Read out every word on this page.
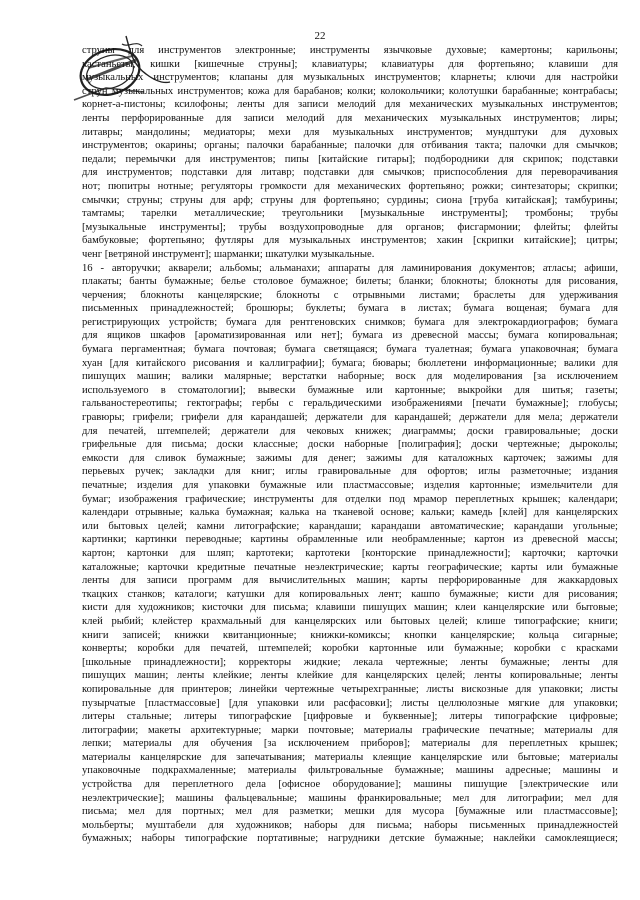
22

струны для инструментов электронные; инструменты язычковые духовые; камертоны; карильоны;

кастаньеты; кишки [кишечные струны]; клавиатуры; клавиатуры для фортепьяно; клавиши для

музыкальных инструментов; клапаны для музыкальных инструментов; кларнеты; ключи для настройки

струн музыкальных инструментов; кожа для барабанов; колки; колокольчики; колотушки барабанные; контрабасы;

корнет-а-пистоны; ксилофоны; ленты для записи мелодий для механических музыкальных инструментов;

ленты перфорированные для записи мелодий для механических музыкальных инструментов; лиры;

литавры; мандолины; медиаторы; мехи для музыкальных инструментов; мундштуки для духовых

инструментов; окарины; органы; палочки барабанные; палочки для отбивания такта; палочки для смычков;

педали; перемычки для инструментов; пипы [китайские гитары]; подбородники для скрипок; подставки

для инструментов; подставки для литавр; подставки для смычков; приспособления для переворачивания

нот; пюпитры нотные; регуляторы громкости для механических фортепьяно; рожки; синтезаторы; скрипки;

смычки; струны; струны для арф; струны для фортепьяно; сурдины; сиона [труба китайская]; тамбурины;

тамтамы; тарелки металлические; треугольники [музыкальные инструменты]; тромбоны; трубы

[музыкальные инструменты]; трубы воздухопроводные для органов; фисгармонии; флейты; флейты

бамбуковые; фортепьяно; футляры для музыкальных инструментов; хакин [скрипки китайские]; цитры;

ченг [ветряной инструмент]; шарманки; шкатулки музыкальные.

16 - авторучки; акварели; альбомы; альманахи; аппараты для ламинирования документов; атласы; афиши,

плакаты; банты бумажные; белье столовое бумажное; билеты; бланки; блокноты; блокноты для рисования,

черчения; блокноты канцелярские; блокноты с отрывными листами; браслеты для удерживания

письменных принадлежностей; брошюры; буклеты; бумага в листах; бумага вощеная; бумага для

регистрирующих устройств; бумага для рентгеновских снимков; бумага для электрокардиографов; бумага

для ящиков шкафов [ароматизированная или нет]; бумага из древесной массы; бумага копировальная;

бумага пергаментная; бумага почтовая; бумага светящаяся; бумага туалетная; бумага упаковочная; бумага

хуан [для китайского рисования и каллиграфии]; бумага; бювары; бюллетени информационные; валики для

пишущих машин; валики малярные; верстатки наборные; воск для моделирования [за исключением

используемого в стоматологии]; вывески бумажные или картонные; выкройки для шитья; газеты;

гальваностереотипы; гектографы; гербы с геральдическими изображениями [печати бумажные]; глобусы;

гравюры; грифели; грифели для карандашей; держатели для карандашей; держатели для мела; держатели

для печатей, штемпелей; держатели для чековых книжек; диаграммы; доски гравировальные; доски

грифельные для письма; доски классные; доски наборные [полиграфия]; доски чертежные; дыроколы;

емкости для сливок бумажные; зажимы для денег; зажимы для каталожных карточек; зажимы для

перьевых ручек; закладки для книг; иглы гравировальные для офортов; иглы разметочные; издания

печатные; изделия для упаковки бумажные или пластмассовые; изделия картонные; измельчители для

бумаг; изображения графические; инструменты для отделки под мрамор переплетных крышек; календари;

календари отрывные; калька бумажная; калька на тканевой основе; кальки; камедь [клей] для канцелярских

или бытовых целей; камни литографские; карандаши; карандаши автоматические; карандаши угольные;

картинки; картинки переводные; картины обрамленные или необрамленные; картон из древесной массы;

картон; картонки для шляп; картотеки; картотеки [конторские принадлежности]; карточки; карточки

каталожные; карточки кредитные печатные неэлектрические; карты географические; карты или бумажные

ленты для записи программ для вычислительных машин; карты перфорированные для жаккардовых

ткацких станков; каталоги; катушки для копировальных лент; кашпо бумажные; кисти для рисования;

кисти для художников; кисточки для письма; клавиши пишущих машин; клеи канцелярские или бытовые;

клей рыбий; клейстер крахмальный для канцелярских или бытовых целей; клише типографские; книги;

книги записей; книжки квитанционные; книжки-комиксы; кнопки канцелярские; кольца сигарные;

конверты; коробки для печатей, штемпелей; коробки картонные или бумажные; коробки с красками

[школьные принадлежности]; корректоры жидкие; лекала чертежные; ленты бумажные; ленты для

пишущих машин; ленты клейкие; ленты клейкие для канцелярских целей; ленты копировальные; ленты

копировальные для принтеров; линейки чертежные четырехгранные; листы вискозные для упаковки; листы

пузырчатые [пластмассовые] [для упаковки или расфасовки]; листы целлюлозные мягкие для упаковки;

литеры стальные; литеры типографские [цифровые и буквенные]; литеры типографские цифровые;

литографии; макеты архитектурные; марки почтовые; материалы графические печатные; материалы для

лепки; материалы для обучения [за исключением приборов]; материалы для переплетных крышек;

материалы канцелярские для запечатывания; материалы клеящие канцелярские или бытовые; материалы

упаковочные подкрахмаленные; материалы фильтровальные бумажные; машины адресные; машины и

устройства для переплетного дела [офисное оборудование]; машины пишущие [электрические или

неэлектрические]; машины фальцевальные; машины франкировальные; мел для литографии; мел для

письма; мел для портных; мел для разметки; мешки для мусора [бумажные или пластмассовые];

мольберты; муштабели для художников; наборы для письма; наборы письменных принадлежностей

бумажных; наборы типографские портативные; нагрудники детские бумажные; наклейки самоклеящиеся;
